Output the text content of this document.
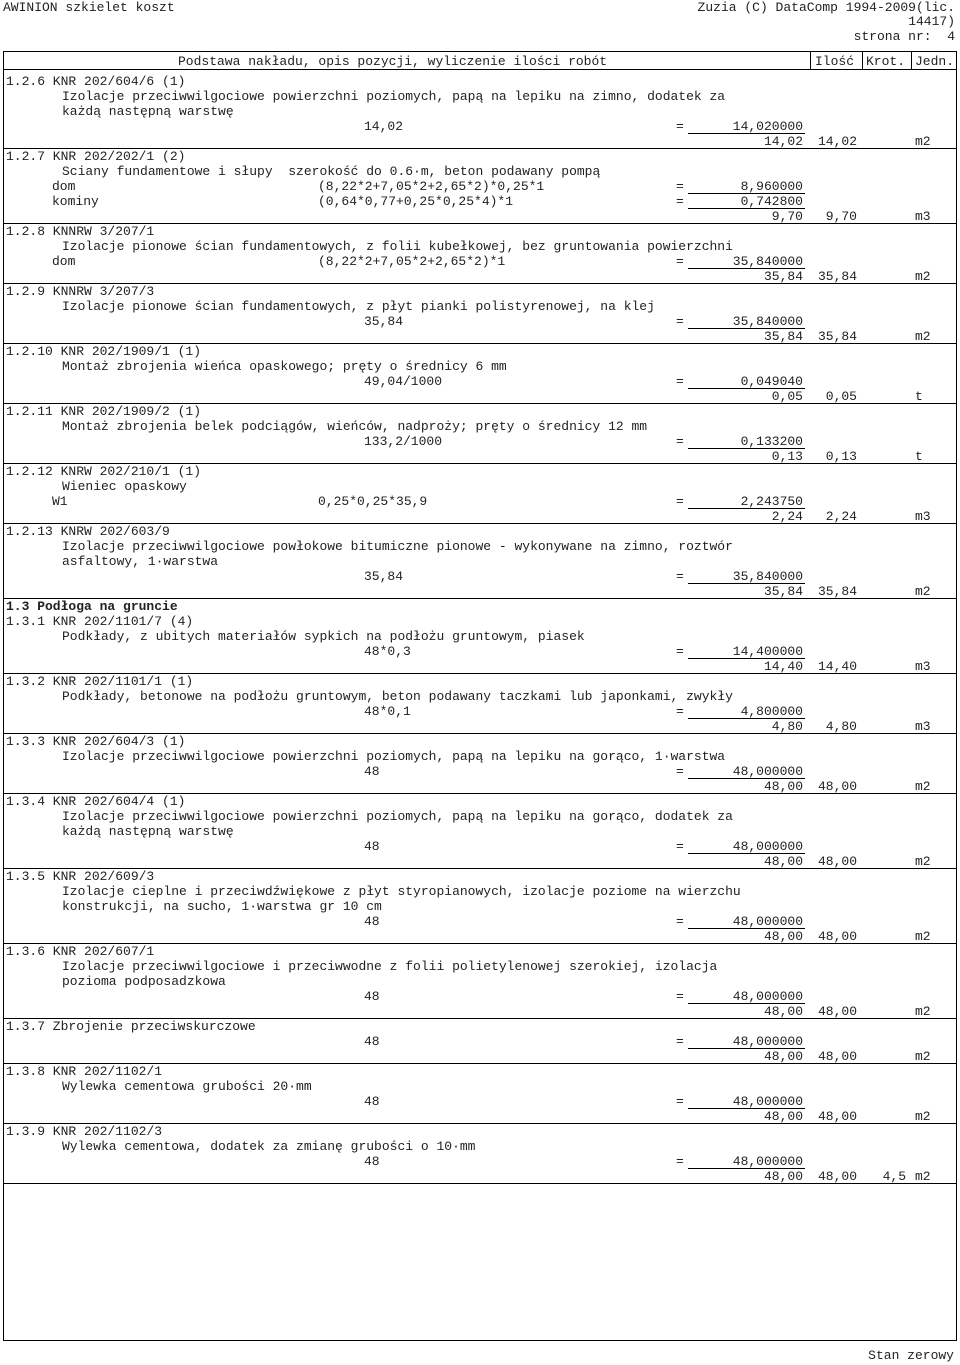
AWINION szkielet koszt	Zuzia (C) DataComp 1994-2009(lic.
14417)
strona nr:  4
Podstawa nakładu, opis pozycji, wyliczenie ilości robót	Ilość Krot. Jedn.
1.2.6 KNR 202/604/6 (1)
Izolacje przeciwwilgociowe powierzchni poziomych, papą na lepiku na zimno, dodatek za
każdą następną warstwę
14,02	=	14,020000
14,02 14,02	m2
1.2.7 KNR 202/202/1 (2)
Sciany fundamentowe i słupy  szerokość do 0.6·m, beton podawany pompą
dom	(8,22*2+7,05*2+2,65*2)*0,25*1	=	8,960000
kominy	(0,64*0,77+0,25*0,25*4)*1	=	0,742800
9,70 9,70	m3
1.2.8 KNNRW 3/207/1
Izolacje pionowe ścian fundamentowych, z folii kubełkowej, bez gruntowania powierzchni
dom	(8,22*2+7,05*2+2,65*2)*1	=	35,840000
35,84 35,84	m2
1.2.9 KNNRW 3/207/3
Izolacje pionowe ścian fundamentowych, z płyt pianki polistyrenowej, na klej
35,84	=	35,840000
35,84 35,84	m2
1.2.10 KNR 202/1909/1 (1)
Montaż zbrojenia wieńca opaskowego; pręty o średnicy 6 mm
49,04/1000	=	0,049040
0,05 0,05	t
1.2.11 KNR 202/1909/2 (1)
Montaż zbrojenia belek podciągów, wieńców, nadproży; pręty o średnicy 12 mm
133,2/1000	=	0,133200
0,13 0,13	t
1.2.12 KNRW 202/210/1 (1)
Wieniec opaskowy
W1	0,25*0,25*35,9	=	2,243750
2,24 2,24	m3
1.2.13 KNRW 202/603/9
Izolacje przeciwwilgociowe powłokowe bitumiczne pionowe - wykonywane na zimno, roztwór
asfaltowy, 1·warstwa
35,84	=	35,840000
35,84 35,84	m2
1.3 Podłoga na gruncie
1.3.1 KNR 202/1101/7 (4)
Podkłady, z ubitych materiałów sypkich na podłożu gruntowym, piasek
48*0,3	=	14,400000
14,40 14,40	m3
1.3.2 KNR 202/1101/1 (1)
Podkłady, betonowe na podłożu gruntowym, beton podawany taczkami lub japonkami, zwykły
48*0,1	=	4,800000
4,80 4,80	m3
1.3.3 KNR 202/604/3 (1)
Izolacje przeciwwilgociowe powierzchni poziomych, papą na lepiku na gorąco, 1·warstwa
48	=	48,000000
48,00 48,00	m2
1.3.4 KNR 202/604/4 (1)
Izolacje przeciwwilgociowe powierzchni poziomych, papą na lepiku na gorąco, dodatek za
każdą następną warstwę
48	=	48,000000
48,00 48,00	m2
1.3.5 KNR 202/609/3
Izolacje cieplne i przeciwdźwiękowe z płyt styropianowych, izolacje poziome na wierzchu
konstrukcji, na sucho, 1·warstwa gr 10 cm
48	=	48,000000
48,00 48,00	m2
1.3.6 KNR 202/607/1
Izolacje przeciwwilgociowe i przeciwwodne z folii polietylenowej szerokiej, izolacja
pozioma podposadzkowa
48	=	48,000000
48,00 48,00	m2
1.3.7 Zbrojenie przeciwskurczowe
48	=	48,000000
48,00 48,00	m2
1.3.8 KNR 202/1102/1
Wylewka cementowa grubości 20·mm
48	=	48,000000
48,00 48,00	m2
1.3.9 KNR 202/1102/3
Wylewka cementowa, dodatek za zmianę grubości o 10·mm
48	=	48,000000
48,00 48,00 4,5 m2
Stan zerowy
